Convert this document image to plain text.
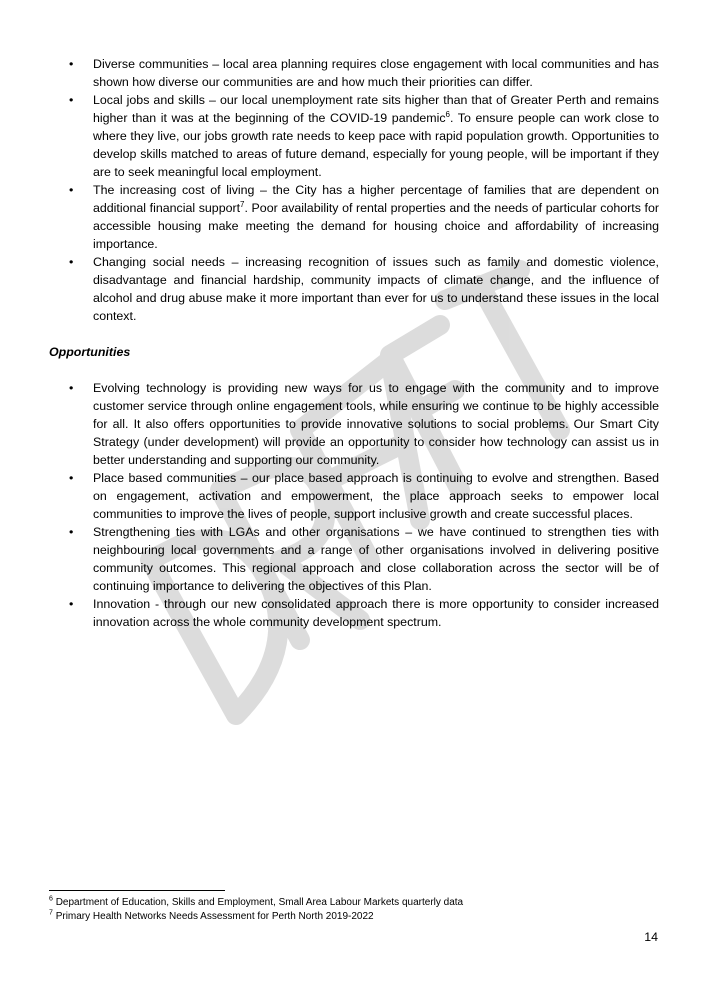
DRAFT
• Diverse communities – local area planning requires close engagement with local communities and has shown how diverse our communities are and how much their priorities can differ.
• Local jobs and skills – our local unemployment rate sits higher than that of Greater Perth and remains higher than it was at the beginning of the COVID-19 pandemic$^6$. To ensure people can work close to where they live, our jobs growth rate needs to keep pace with rapid population growth. Opportunities to develop skills matched to areas of future demand, especially for young people, will be important if they are to seek meaningful local employment.
• The increasing cost of living – the City has a higher percentage of families that are dependent on additional financial support$^7$. Poor availability of rental properties and the needs of particular cohorts for accessible housing make meeting the demand for housing choice and affordability of increasing importance.
• Changing social needs – increasing recognition of issues such as family and domestic violence, disadvantage and financial hardship, community impacts of climate change, and the influence of alcohol and drug abuse make it more important than ever for us to understand these issues in the local context.
Opportunities
• Evolving technology is providing new ways for us to engage with the community and to improve customer service through online engagement tools, while ensuring we continue to be highly accessible for all. It also offers opportunities to provide innovative solutions to social problems. Our Smart City Strategy (under development) will provide an opportunity to consider how technology can assist us in better understanding and supporting our community.
• Place based communities – our place based approach is continuing to evolve and strengthen. Based on engagement, activation and empowerment, the place approach seeks to empower local communities to improve the lives of people, support inclusive growth and create successful places.
• Strengthening ties with LGAs and other organisations – we have continued to strengthen ties with neighbouring local governments and a range of other organisations involved in delivering positive community outcomes. This regional approach and close collaboration across the sector will be of continuing importance to delivering the objectives of this Plan.
• Innovation - through our new consolidated approach there is more opportunity to consider increased innovation across the whole community development spectrum.
$^6$ Department of Education, Skills and Employment, Small Area Labour Markets quarterly data
$^7$ Primary Health Networks Needs Assessment for Perth North 2019-2022
14
